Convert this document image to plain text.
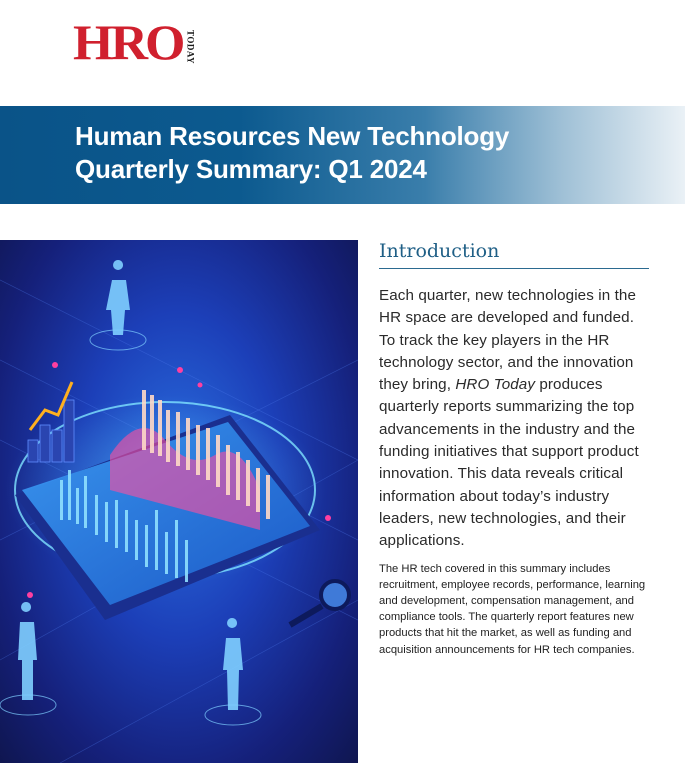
HRO TODAY
Human Resources New Technology
Quarterly Summary: Q1 2024
Introduction

Each quarter, new technologies in the HR space are developed and funded. To track the key players in the HR technology sector, and the innovation they bring, HRO Today produces quarterly reports summarizing the top advancements in the industry and the funding initiatives that support product innovation. This data reveals critical information about today’s industry leaders, new technologies, and their applications.

The HR tech covered in this summary includes recruitment, employee records, performance, learning and development, compensation management, and compliance tools. The quarterly report features new products that hit the market, as well as funding and acquisition announcements for HR tech companies.
